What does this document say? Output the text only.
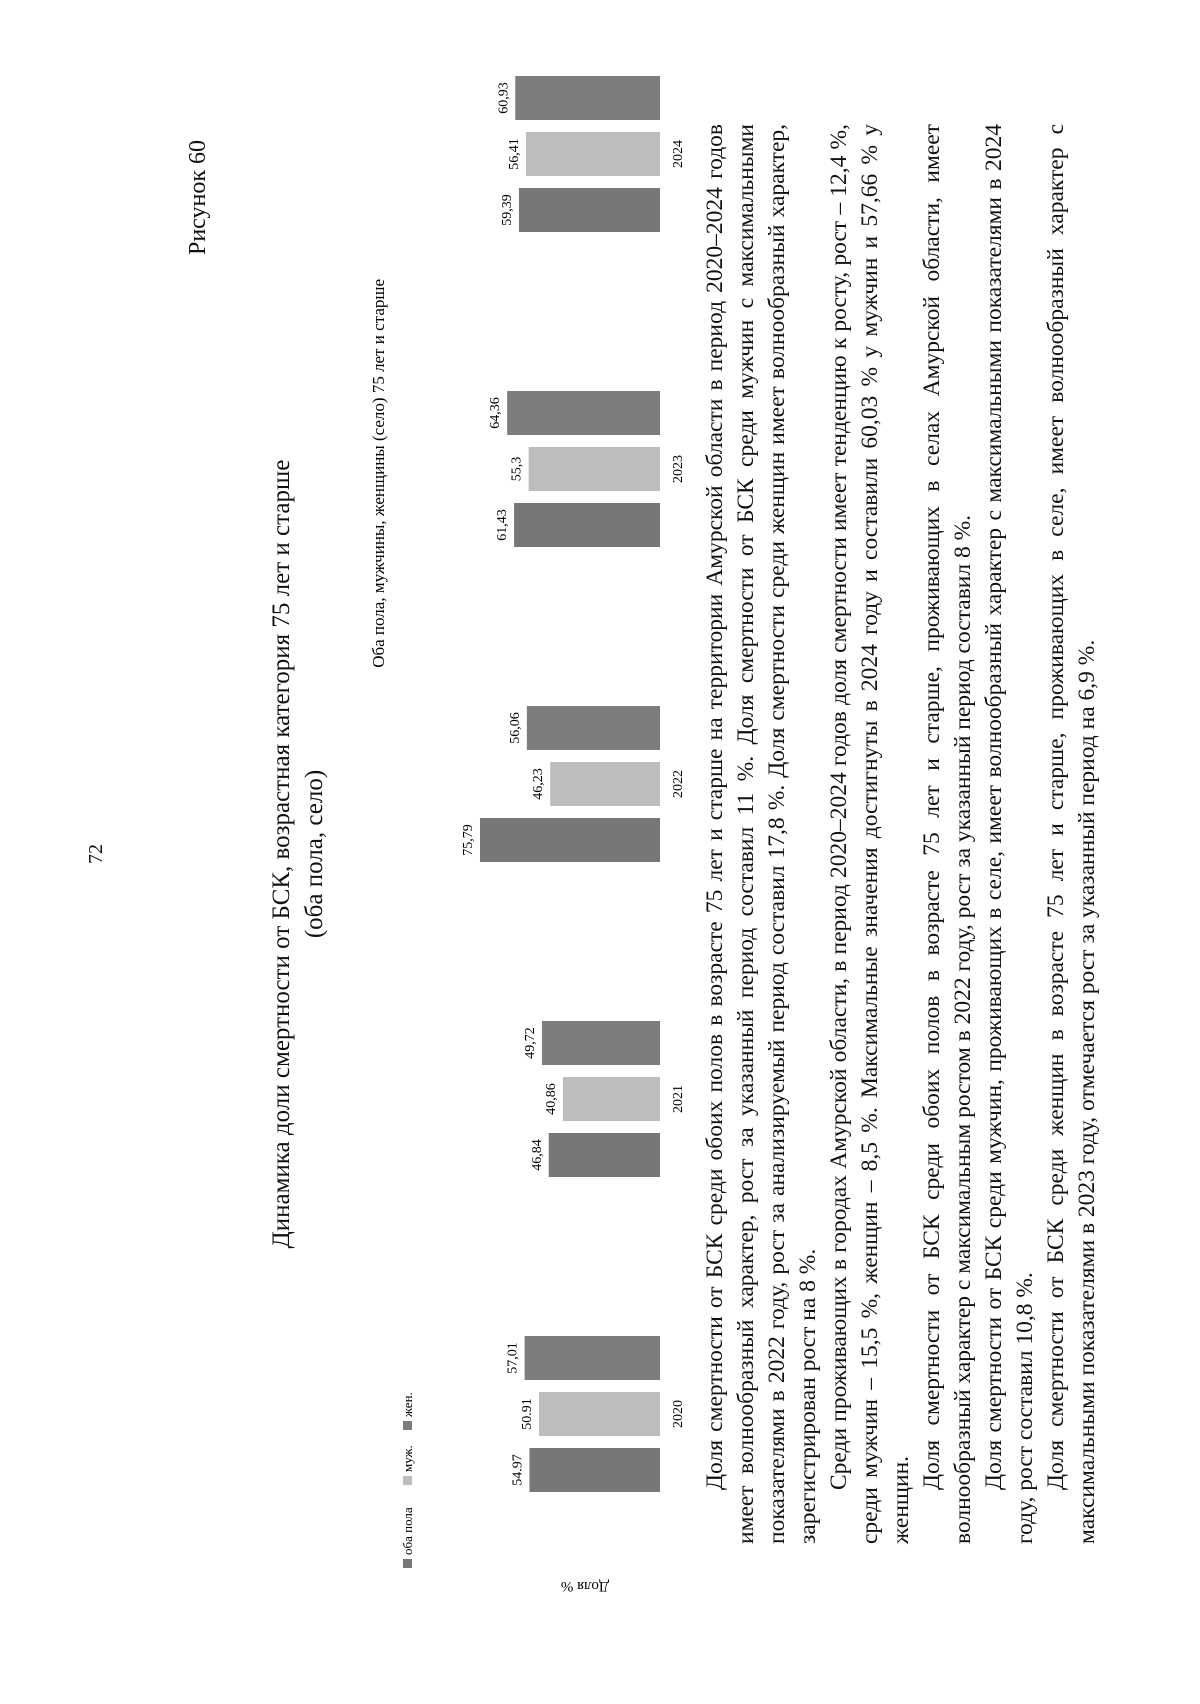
72
Рисунок 60
Динамика доли смертности от БСК, возрастная категория 75 лет и старше (оба пола, село)
Оба пола, мужчины, женщины (село) 75 лет и старше
оба пола
муж.
жен.
Доля %
54.97
50.91
57,01
2020
46,84
40,86
49,72
2021
75,79
46,23
56,06
2022
61,43
55,3
64,36
2023
59,39
56,41
60,93
2024 Доля смертности от БСК среди обоих полов в возрасте 75 лет и старше на территории Амурской области в период 2020–2024 годов имеет волнообразный характер, рост за указанный период составил 11 %. Доля смертности от БСК среди мужчин с максимальными показателями в 2022 году, рост за анализируемый период составил 17,8 %. Доля смертности среди женщин имеет волнообразный характер, зарегистрирован рост на 8 %. Среди проживающих в городах Амурской области, в период 2020–2024 годов доля смертности имеет тенденцию к росту, рост – 12,4 %, среди мужчин – 15,5 %, женщин – 8,5 %. Максимальные значения достигнуты в 2024 году и составили 60,03 % у мужчин и 57,66 % у женщин.

Доля смертности от БСК среди обоих полов в возрасте 75 лет и старше, проживающих в селах Амурской области, имеет волнообразный характер с максимальным ростом в 2022 году, рост за указанный период составил 8 %. Доля смертности от БСК среди мужчин, проживающих в селе, имеет волнообразный характер с максимальными показателями в 2024 году, рост составил 10,8 %. Доля смертности от БСК среди женщин в возрасте 75 лет и старше, проживающих в селе, имеет волнообразный характер с максимальными показателями в 2023 году, отмечается рост за указанный период на 6,9 %.
